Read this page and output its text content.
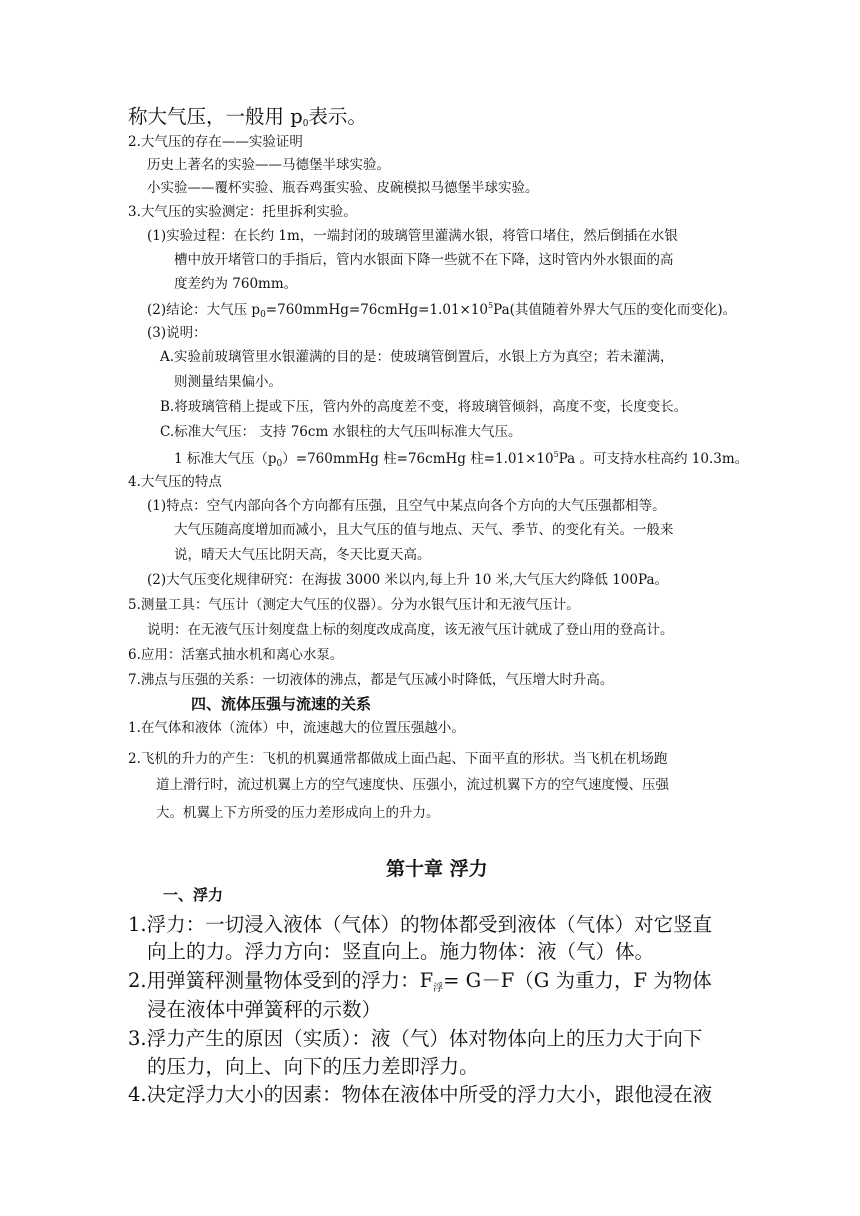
称大气压，一般用 $p_0$表示。
2.大气压的存在——实验证明
历史上著名的实验——马德堡半球实验。
小实验——覆杯实验、瓶吞鸡蛋实验、皮碗模拟马德堡半球实验。
3.大气压的实验测定：托里拆利实验。
(1)实验过程：在长约 1m，一端封闭的玻璃管里灌满水银，将管口堵住，然后倒插在水银
槽中放开堵管口的手指后，管内水银面下降一些就不在下降，这时管内外水银面的高
度差约为 760mm。
(2)结论：大气压 $p_0=760mmHg=76cmHg=1.01\times 10^5Pa$(其值随着外界大气压的变化而变化)。
(3)说明：
A.实验前玻璃管里水银灌满的目的是：使玻璃管倒置后，水银上方为真空；若未灌满，
则测量结果偏小。
B.将玻璃管稍上提或下压，管内外的高度差不变，将玻璃管倾斜，高度不变，长度变长。
C.标准大气压： 支持 76cm 水银柱的大气压叫标准大气压。
1 标准大气压$(p_0)=760mmHg$ 柱=76cmHg 柱$=1.01\times 10^5Pa$ 。可支持水柱高约 10.3m。
4.大气压的特点
(1)特点：空气内部向各个方向都有压强，且空气中某点向各个方向的大气压强都相等。
大气压随高度增加而减小，且大气压的值与地点、天气、季节、的变化有关。一般来
说，晴天大气压比阴天高，冬天比夏天高。
(2)大气压变化规律研究：在海拔 3000 米以内,每上升 10 米,大气压大约降低 100Pa。
5.测量工具：气压计（测定大气压的仪器）。分为水银气压计和无液气压计。
说明：在无液气压计刻度盘上标的刻度改成高度，该无液气压计就成了登山用的登高计。
6.应用：活塞式抽水机和离心水泵。
7.沸点与压强的关系：一切液体的沸点，都是气压减小时降低，气压增大时升高。
四、流体压强与流速的关系
1.在气体和液体（流体）中，流速越大的位置压强越小。
2.飞机的升力的产生：飞机的机翼通常都做成上面凸起、下面平直的形状。当飞机在机场跑
道上滑行时，流过机翼上方的空气速度快、压强小，流过机翼下方的空气速度慢、压强
大。机翼上下方所受的压力差形成向上的升力。
第十章 浮力
一、浮力
1.浮力：一切浸入液体（气体）的物体都受到液体（气体）对它竖直
向上的力。浮力方向：竖直向上。施力物体：液（气）体。
2.用弹簧秤测量物体受到的浮力：$F_浮= G-F(G$ 为重力，F 为物体
浸在液体中弹簧秤的示数）
3.浮力产生的原因（实质）：液（气）体对物体向上的压力大于向下
的压力，向上、向下的压力差即浮力。
4.决定浮力大小的因素：物体在液体中所受的浮力大小，跟他浸在液
